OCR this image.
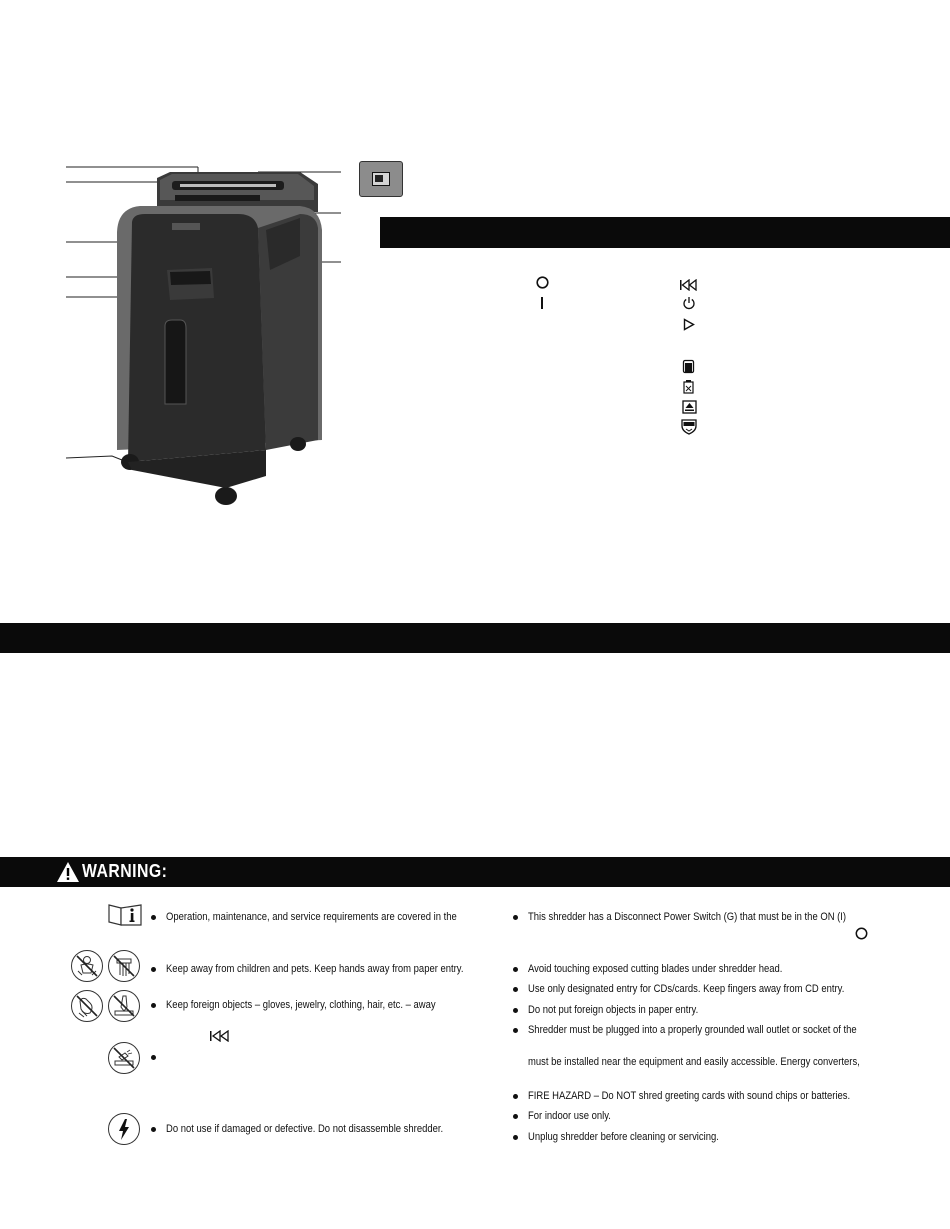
WARNING:
Operation, maintenance, and service requirements are covered in the
Keep away from children and pets. Keep hands away from paper entry.
Keep foreign objects – gloves, jewelry, clothing, hair, etc. – away
Do not use if damaged or defective. Do not disassemble shredder.
This shredder has a Disconnect Power Switch (G) that must be in the ON (I)
Avoid touching exposed cutting blades under shredder head.
Use only designated entry for CDs/cards. Keep fingers away from CD entry.
Do not put foreign objects in paper entry.
Shredder must be plugged into a properly grounded wall outlet or socket of the
must be installed near the equipment and easily accessible. Energy converters,
FIRE HAZARD – Do NOT shred greeting cards with sound chips or batteries.
For indoor use only.
Unplug shredder before cleaning or servicing.
